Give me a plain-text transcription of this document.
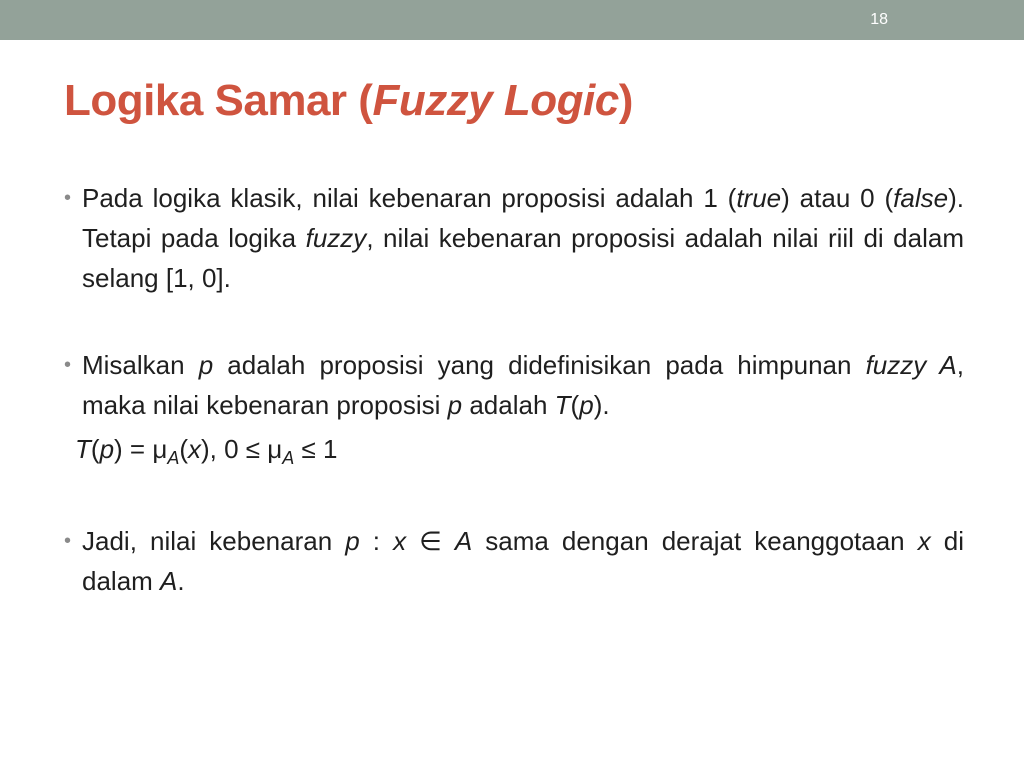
18
Logika Samar (Fuzzy Logic)

• Pada logika klasik, nilai kebenaran proposisi adalah 1 (true) atau 0 (false). Tetapi pada logika fuzzy, nilai kebenaran proposisi adalah nilai riil di dalam selang [1, 0].

• Misalkan p adalah proposisi yang didefinisikan pada himpunan fuzzy A, maka nilai kebenaran proposisi p adalah T(p).

$T(p) = \mu_A(x)$, $0 \le \mu_A \le 1$

• Jadi, nilai kebenaran p : x ∈ A sama dengan derajat keanggotaan x di dalam A.
